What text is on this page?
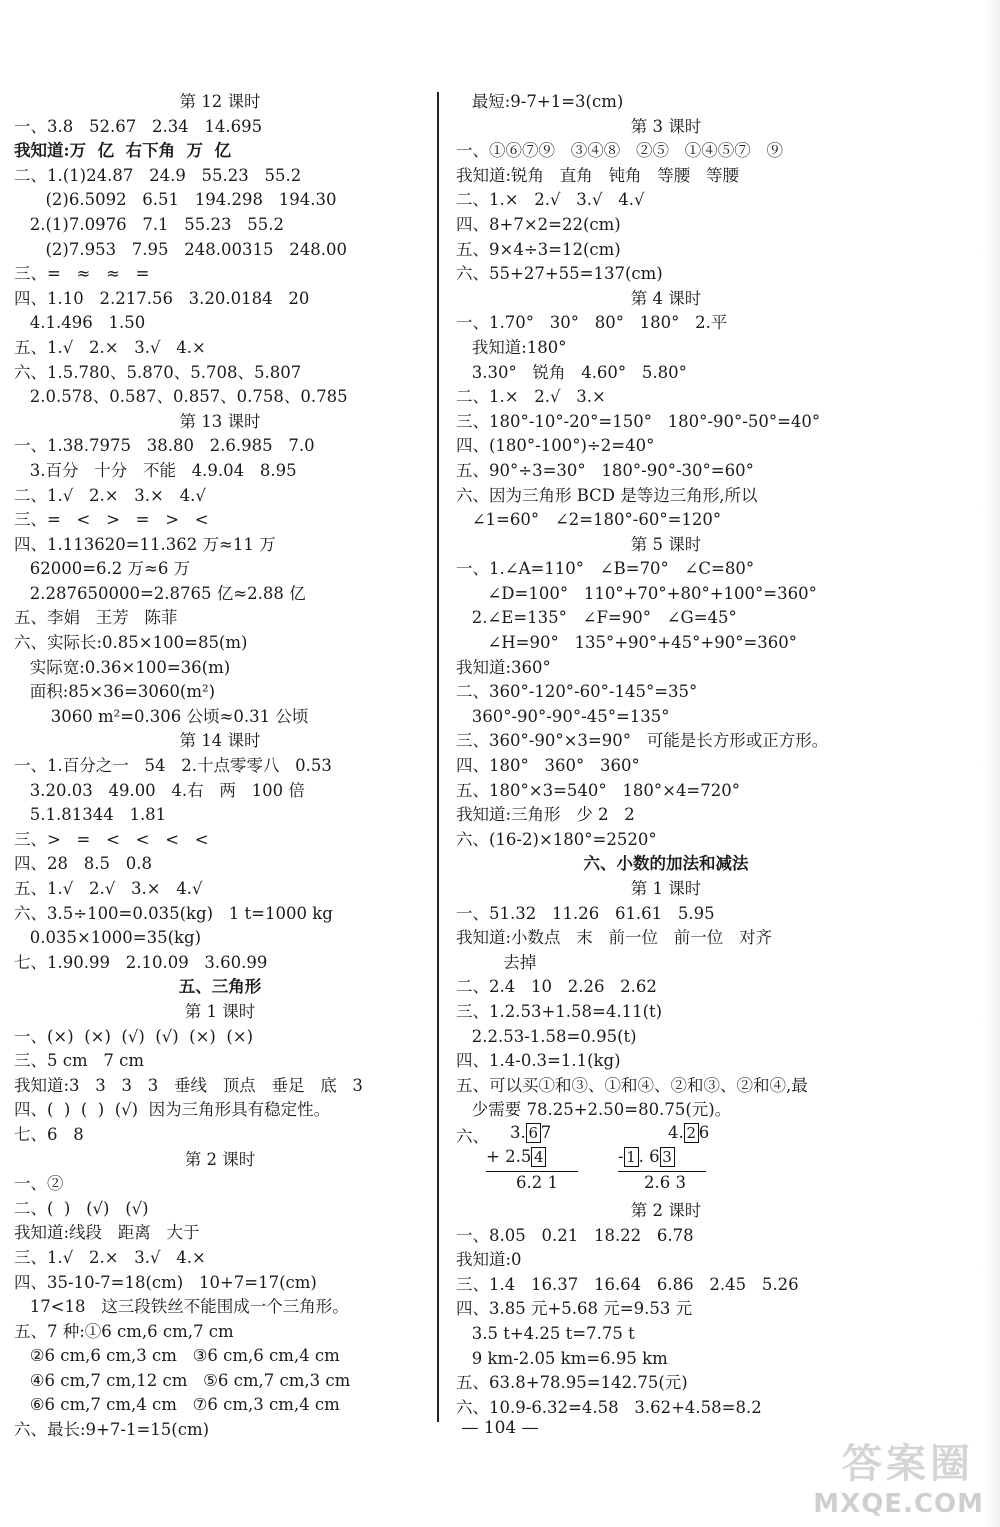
第 12 课时
一、3.8   52.67   2.34   14.695
我知道:万  亿  右下角  万  亿
二、1.(1)24.87   24.9   55.23   55.2
(2)6.5092   6.51   194.298   194.30
2.(1)7.0976   7.1   55.23   55.2
(2)7.953   7.95   248.00315   248.00
三、=   ≈   ≈   =
四、1.10   2.217.56   3.20.0184   20
4.1.496   1.50
五、1.√   2.×   3.√   4.×
六、1.5.780、5.870、5.708、5.807
2.0.578、0.587、0.857、0.758、0.785
第 13 课时
一、1.38.7975   38.80   2.6.985   7.0
3.百分   十分   不能   4.9.04   8.95
二、1.√   2.×   3.×   4.√
三、=   <   >   =   >   <
四、1.113620=11.362 万≈11 万
62000=6.2 万≈6 万
2.287650000=2.8765 亿≈2.88 亿
五、李娟   王芳   陈菲
六、实际长:0.85×100=85(m)
实际宽:0.36×100=36(m)
面积:85×36=3060(m²)
3060 m²=0.306 公顷≈0.31 公顷
第 14 课时
一、1.百分之一   54   2.十点零零八   0.53
3.20.03   49.00   4.右   两   100 倍
5.1.81344   1.81
三、>   =   <   <   <   <
四、28   8.5   0.8
五、1.√   2.√   3.×   4.√
六、3.5÷100=0.035(kg)   1 t=1000 kg
0.035×1000=35(kg)
七、1.90.99   2.10.09   3.60.99
五、三角形
第 1 课时
一、(×)  (×)  (√)  (√)  (×)  (×)
三、5 cm   7 cm
我知道:3   3   3   3   垂线   顶点   垂足   底   3
四、(  )  (  )  (√)  因为三角形具有稳定性。
七、6   8
第 2 课时
一、②
二、(  )   (√)   (√)
我知道:线段   距离   大于
三、1.√   2.×   3.√   4.×
四、35-10-7=18(cm)   10+7=17(cm)
17<18   这三段铁丝不能围成一个三角形。
五、7 种:①6 cm,6 cm,7 cm
②6 cm,6 cm,3 cm   ③6 cm,6 cm,4 cm
④6 cm,7 cm,12 cm   ⑤6 cm,7 cm,3 cm
⑥6 cm,7 cm,4 cm   ⑦6 cm,3 cm,4 cm
六、最长:9+7-1=15(cm)
最短:9-7+1=3(cm)
第 3 课时
一、①⑥⑦⑨   ③④⑧   ②⑤   ①④⑤⑦   ⑨
我知道:锐角   直角   钝角   等腰   等腰
二、1.×   2.√   3.√   4.√
四、8+7×2=22(cm)
五、9×4÷3=12(cm)
六、55+27+55=137(cm)
第 4 课时
一、1.70°   30°   80°   180°   2.平
我知道:180°
3.30°   锐角   4.60°   5.80°
二、1.×   2.√   3.×
三、180°-10°-20°=150°   180°-90°-50°=40°
四、(180°-100°)÷2=40°
五、90°÷3=30°   180°-90°-30°=60°
六、因为三角形 BCD 是等边三角形,所以
∠1=60°   ∠2=180°-60°=120°
第 5 课时
一、1.∠A=110°   ∠B=70°   ∠C=80°
∠D=100°   110°+70°+80°+100°=360°
2.∠E=135°   ∠F=90°   ∠G=45°
∠H=90°   135°+90°+45°+90°=360°
我知道:360°
二、360°-120°-60°-145°=35°
360°-90°-90°-45°=135°
三、360°-90°×3=90°   可能是长方形或正方形。
四、180°   360°   360°
五、180°×3=540°   180°×4=720°
我知道:三角形   少 2   2
六、(16-2)×180°=2520°
六、小数的加法和减法
第 1 课时
一、51.32   11.26   61.61   5.95
我知道:小数点   末   前一位   前一位   对齐
去掉
二、2.4   10   2.26   2.62
三、1.2.53+1.58=4.11(t)
2.2.53-1.58=0.95(t)
四、1.4-0.3=1.1(kg)
五、可以买①和③、①和④、②和③、②和④,最
少需要 78.25+2.50=80.75(元)。
六、 3. 6 7
+ 2.5 4
6.2 1
4. 2 6
- 1 . 6 3
2.6 3
第 2 课时
一、8.05   0.21   18.22   6.78
我知道:0
三、1.4   16.37   16.64   6.86   2.45   5.26
四、3.85 元+5.68 元=9.53 元
3.5 t+4.25 t=7.75 t
9 km-2.05 km=6.95 km
五、63.8+78.95=142.75(元)
六、10.9-6.32=4.58   3.62+4.58=8.2
— 104 —
答案圈
MXQE.COM
